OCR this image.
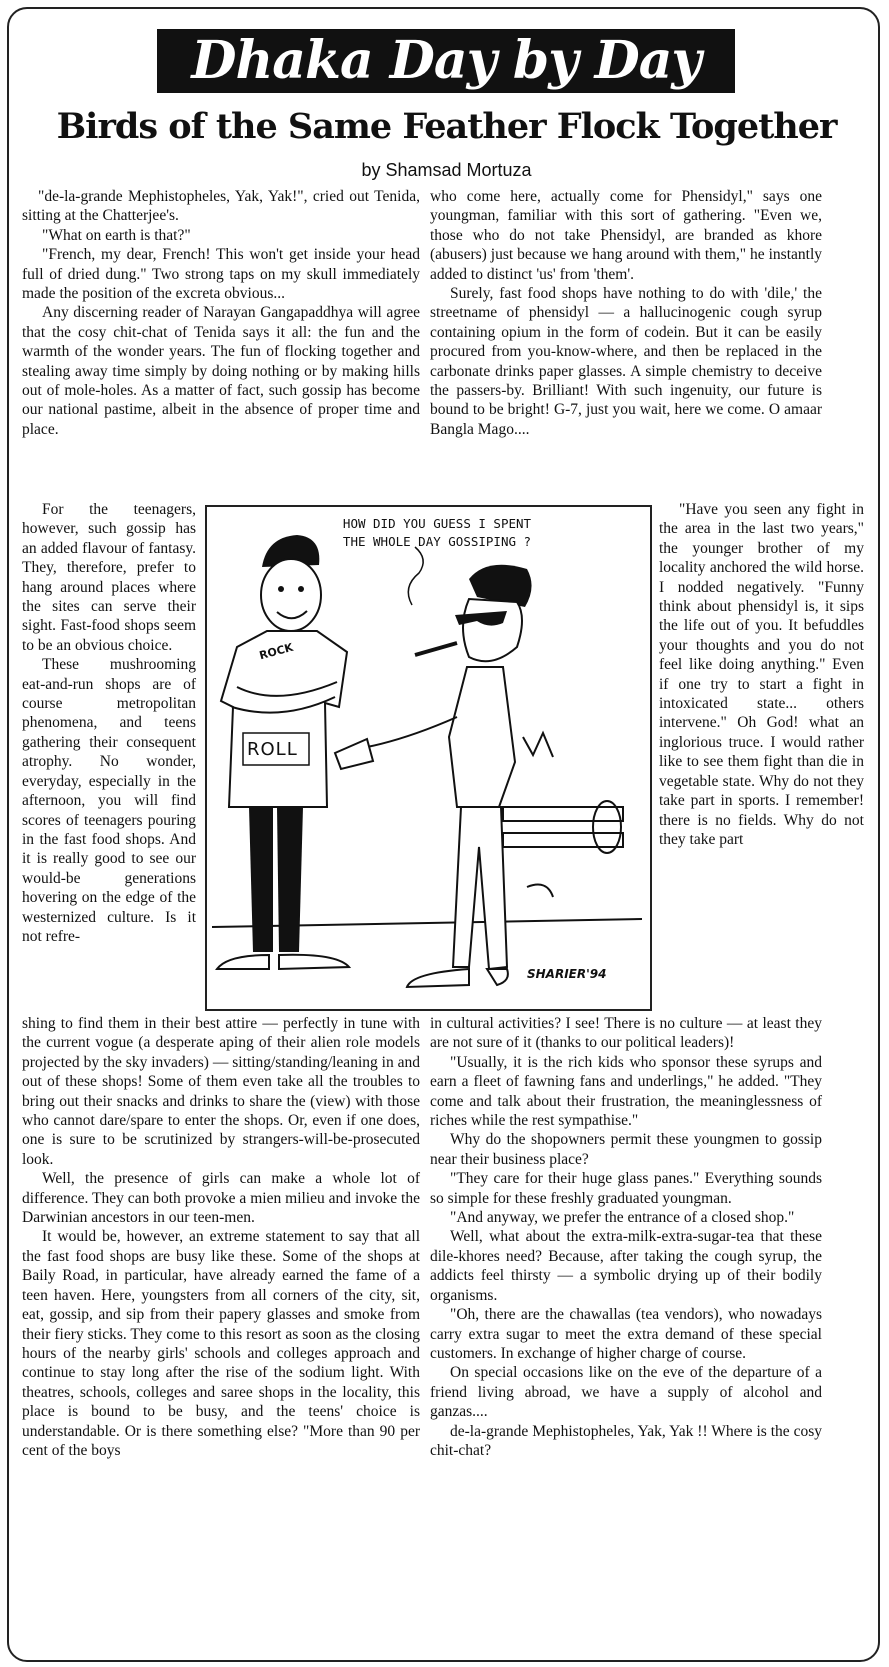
Dhaka Day by Day
Birds of the Same Feather Flock Together
by Shamsad Mortuza

"de-la-grande Mephistopheles, Yak, Yak!", cried out Tenida, sitting at the Chatterjee's.

"What on earth is that?"

"French, my dear, French! This won't get inside your head full of dried dung." Two strong taps on my skull immediately made the position of the excreta obvious...

Any discerning reader of Narayan Gangapaddhya will agree that the cosy chit-chat of Tenida says it all: the fun and the warmth of the wonder years. The fun of flocking together and stealing away time simply by doing nothing or by making hills out of mole-holes. As a matter of fact, such gossip has become our national pastime, albeit in the absence of proper time and place.

who come here, actually come for Phensidyl," says one youngman, familiar with this sort of gathering. "Even we, those who do not take Phensidyl, are branded as khore (abusers) just because we hang around with them," he instantly added to distinct 'us' from 'them'.

Surely, fast food shops have nothing to do with 'dile,' the streetname of phensidyl — a hallucinogenic cough syrup containing opium in the form of codein. But it can be easily procured from you-know-where, and then be replaced in the carbonate drinks paper glasses. A simple chemistry to deceive the passers-by. Brilliant! With such ingenuity, our future is bound to be bright! G-7, just you wait, here we come. O amaar Bangla Mago....

For the teenagers, however, such gossip has an added flavour of fantasy. They, therefore, prefer to hang around places where the sites can serve their sight. Fast-food shops seem to be an obvious choice.

These mushrooming eat-and-run shops are of course metropolitan phenomena, and teens gathering their consequent atrophy. No wonder, everyday, especially in the afternoon, you will find scores of teenagers pouring in the fast food shops. And it is really good to see our would-be generations hovering on the edge of the westernized culture. Is it not refre-

HOW DID YOU GUESS I SPENT THE WHOLE DAY GOSSIPING ?
ROCK
ROLL
SHARIER'94

"Have you seen any fight in the area in the last two years," the younger brother of my locality anchored the wild horse. I nodded negatively. "Funny think about phensidyl is, it sips the life out of you. It befuddles your thoughts and you do not feel like doing anything." Even if one try to start a fight in intoxicated state... others intervene." Oh God! what an inglorious truce. I would rather like to see them fight than die in vegetable state. Why do not they take part in sports. I remember! there is no fields. Why do not they take part

shing to find them in their best attire — perfectly in tune with the current vogue (a desperate aping of their alien role models projected by the sky invaders) — sitting/standing/leaning in and out of these shops! Some of them even take all the troubles to bring out their snacks and drinks to share the (view) with those who cannot dare/spare to enter the shops. Or, even if one does, one is sure to be scrutinized by strangers-will-be-prosecuted look.

Well, the presence of girls can make a whole lot of difference. They can both provoke a mien milieu and invoke the Darwinian ancestors in our teen-men.

It would be, however, an extreme statement to say that all the fast food shops are busy like these. Some of the shops at Baily Road, in particular, have already earned the fame of a teen haven. Here, youngsters from all corners of the city, sit, eat, gossip, and sip from their papery glasses and smoke from their fiery sticks. They come to this resort as soon as the closing hours of the nearby girls' schools and colleges approach and continue to stay long after the rise of the sodium light. With theatres, schools, colleges and saree shops in the locality, this place is bound to be busy, and the teens' choice is understandable. Or is there something else? "More than 90 per cent of the boys

in cultural activities? I see! There is no culture — at least they are not sure of it (thanks to our political leaders)!

"Usually, it is the rich kids who sponsor these syrups and earn a fleet of fawning fans and underlings," he added. "They come and talk about their frustration, the meaninglessness of riches while the rest sympathise."

Why do the shopowners permit these youngmen to gossip near their business place?

"They care for their huge glass panes." Everything sounds so simple for these freshly graduated youngman.

"And anyway, we prefer the entrance of a closed shop."

Well, what about the extra-milk-extra-sugar-tea that these dile-khores need? Because, after taking the cough syrup, the addicts feel thirsty — a symbolic drying up of their bodily organisms.

"Oh, there are the chawallas (tea vendors), who nowadays carry extra sugar to meet the extra demand of these special customers. In exchange of higher charge of course.

On special occasions like on the eve of the departure of a friend living abroad, we have a supply of alcohol and ganzas....

de-la-grande Mephistopheles, Yak, Yak !! Where is the cosy chit-chat?
